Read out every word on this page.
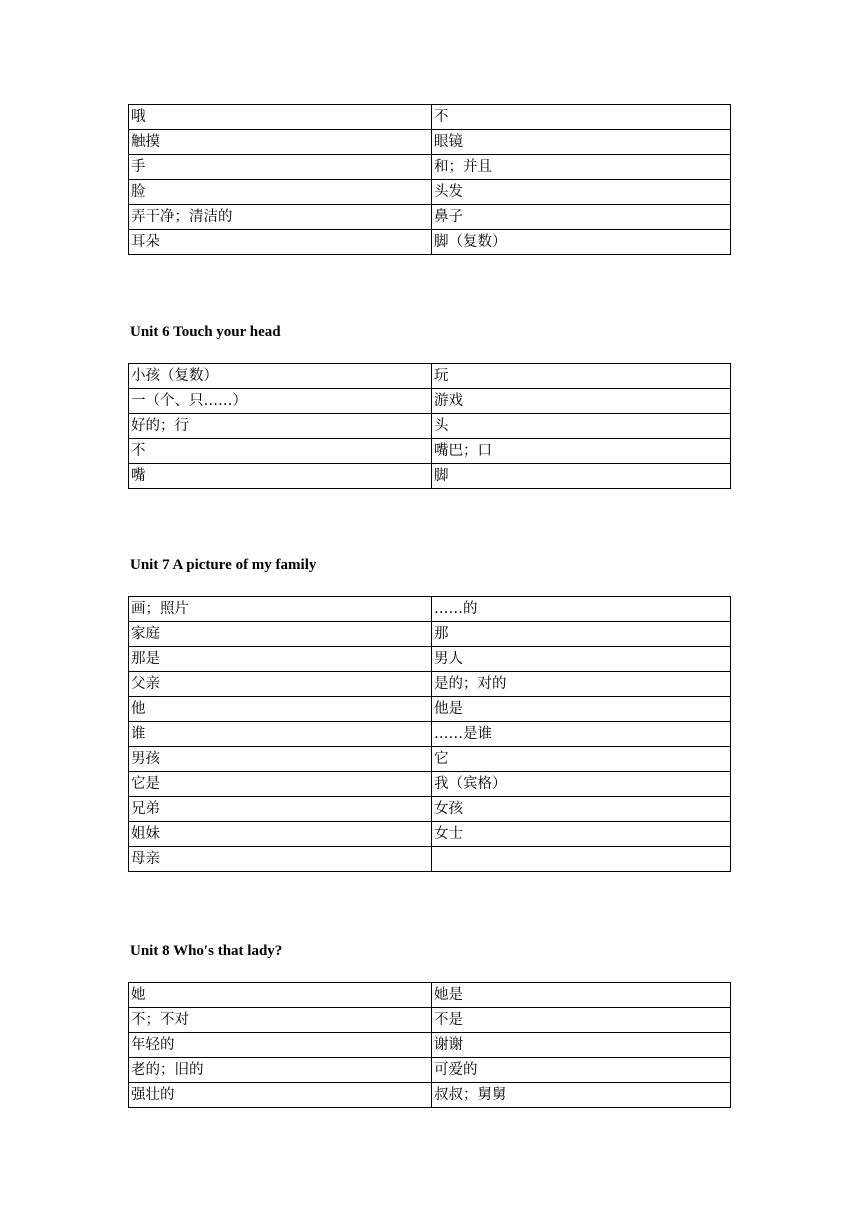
哦	不
触摸	眼镜
手	和；并且
脸	头发
弄干净；清洁的	鼻子
耳朵	脚（复数）
Unit 6 Touch your head
小孩（复数）	玩
一（个、只……）	游戏
好的；行	头
不	嘴巴；口
嘴	脚
Unit 7 A picture of my family
画；照片	……的
家庭	那
那是	男人
父亲	是的；对的
他	他是
谁	……是谁
男孩	它
它是	我（宾格）
兄弟	女孩
姐妹	女士
母亲	
Unit 8 Who′s that lady?
她	她是
不；不对	不是
年轻的	谢谢
老的；旧的	可爱的
强壮的	叔叔；舅舅
